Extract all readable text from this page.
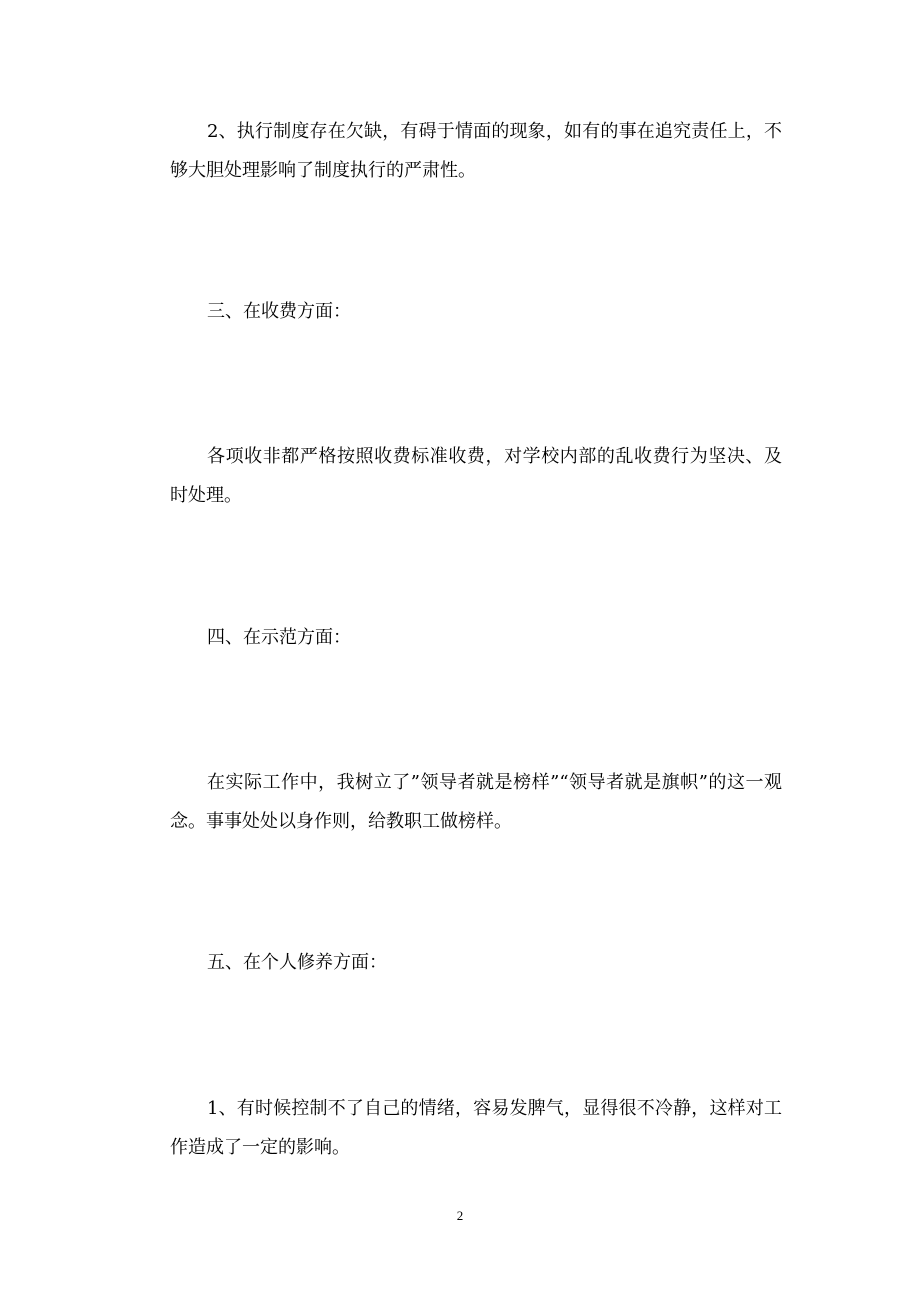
2、执行制度存在欠缺，有碍于情面的现象，如有的事在追究责任上，不够大胆处理影响了制度执行的严肃性。

三、在收费方面：

各项收非都严格按照收费标准收费，对学校内部的乱收费行为坚决、及时处理。

四、在示范方面：

在实际工作中，我树立了”领导者就是榜样”“领导者就是旗帜”的这一观念。事事处处以身作则，给教职工做榜样。

五、在个人修养方面：

1、有时候控制不了自己的情绪，容易发脾气，显得很不冷静，这样对工作造成了一定的影响。

2
